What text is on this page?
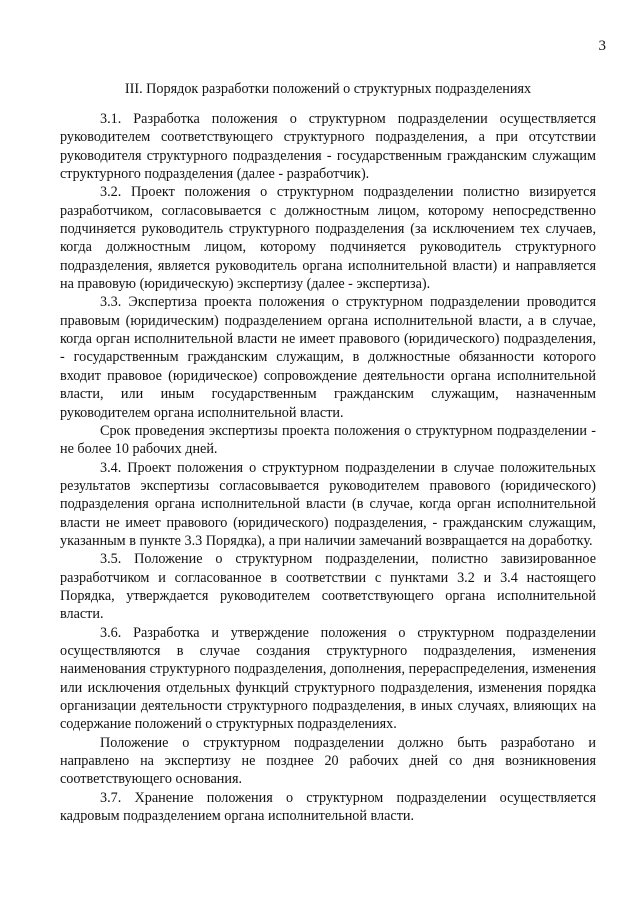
3
III. Порядок разработки положений о структурных подразделениях

3.1. Разработка положения о структурном подразделении осуществляется руководителем соответствующего структурного подразделения, а при отсутствии руководителя структурного подразделения - государственным гражданским служащим структурного подразделения (далее - разработчик).

3.2. Проект положения о структурном подразделении полистно визируется разработчиком, согласовывается с должностным лицом, которому непосредственно подчиняется руководитель структурного подразделения (за исключением тех случаев, когда должностным лицом, которому подчиняется руководитель структурного подразделения, является руководитель органа исполнительной власти) и направляется на правовую (юридическую) экспертизу (далее - экспертиза).

3.3. Экспертиза проекта положения о структурном подразделении проводится правовым (юридическим) подразделением органа исполнительной власти, а в случае, когда орган исполнительной власти не имеет правового (юридического) подразделения, - государственным гражданским служащим, в должностные обязанности которого входит правовое (юридическое) сопровождение деятельности органа исполнительной власти, или иным государственным гражданским служащим, назначенным руководителем органа исполнительной власти.

Срок проведения экспертизы проекта положения о структурном подразделении - не более 10 рабочих дней.

3.4. Проект положения о структурном подразделении в случае положительных результатов экспертизы согласовывается руководителем правового (юридического) подразделения органа исполнительной власти (в случае, когда орган исполнительной власти не имеет правового (юридического) подразделения, - гражданским служащим, указанным в пункте 3.3 Порядка), а при наличии замечаний возвращается на доработку.

3.5. Положение о структурном подразделении, полистно завизированное разработчиком и согласованное в соответствии с пунктами 3.2 и 3.4 настоящего Порядка, утверждается руководителем соответствующего органа исполнительной власти.

3.6. Разработка и утверждение положения о структурном подразделении осуществляются в случае создания структурного подразделения, изменения наименования структурного подразделения, дополнения, перераспределения, изменения или исключения отдельных функций структурного подразделения, изменения порядка организации деятельности структурного подразделения, в иных случаях, влияющих на содержание положений о структурных подразделениях.

Положение о структурном подразделении должно быть разработано и направлено на экспертизу не позднее 20 рабочих дней со дня возникновения соответствующего основания.

3.7. Хранение положения о структурном подразделении осуществляется кадровым подразделением органа исполнительной власти.
